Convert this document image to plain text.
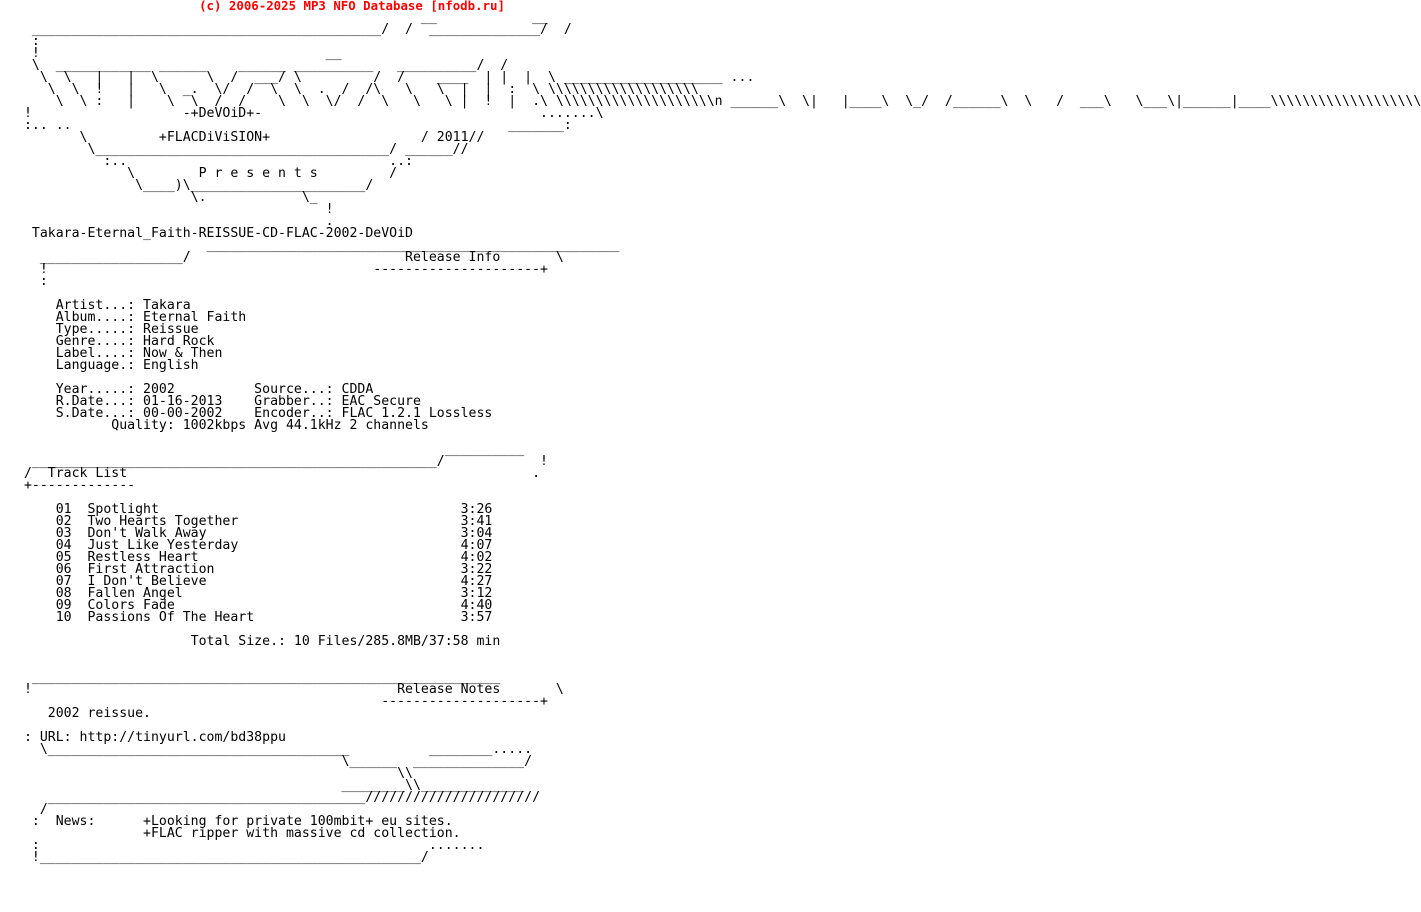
(c) 2006-2025 MP3 NFO Database [nfodb.ru]
__            __
____________________________________________/  /  ______________/  /
:
!                                    __
\  ____________ ______    ______ __________   __________/  /
\  \   |   |  \      \  /  ___/ \         /  /    ____  | |  |  \ ____________________ ...
\  \  !   |   \  _.  \/  /  \  \  .  /  /\   \   \  |  |  :  \ \\\\\\\\\\\\\\\\\\\
\  \ :   |    \  \  /  /    \  \  \/  /  \   \   \ |  !  |  .\ \\\\\\\\\\\\\\\\\\\\n ______\  \|   |____\  \_/  /______\  \   /  ___\   \___\|______|____\\\\\\\\\\\\\\\\\\\
!                   -+DeVOiD+-                                   .......\
:.. ..                                                       _______:
\         +FLACDiViSION+                   / 2011//
\_____________________________________/ ______//
:..                                 ..:
\        P r e s e n t s         /
\____)\______________________/
\.            \_
!
.
Takara-Eternal_Faith-REISSUE-CD-FLAC-2002-DeVOiD
____________________________________________________
__________________/                           Release Info       \
!                                         ---------------------+
:

Artist...: Takara
Album....: Eternal Faith
Type.....: Reissue
Genre....: Hard Rock
Label....: Now & Then
Language.: English

Year.....: 2002          Source...: CDDA
R.Date...: 01-16-2013    Grabber..: EAC Secure
S.Date...: 00-00-2002    Encoder..: FLAC 1.2.1 Lossless
Quality: 1002kbps Avg 44.1kHz 2 channels

__________
___________________________________________________/            !
/  Track List                                                   .
+-------------

01  Spotlight                                      3:26
02  Two Hearts Together                            3:41
03  Don't Walk Away                                3:04
04  Just Like Yesterday                            4:07
05  Restless Heart                                 4:02
06  First Attraction                               3:22
07  I Don't Believe                                4:27
08  Fallen Angel                                   3:12
09  Colors Fade                                    4:40
10  Passions Of The Heart                          3:57

Total Size.: 10 Files/285.8MB/37:58 min

___________________________________________________________
!                                              Release Notes       \
--------------------+
2002 reissue.

: URL: http://tinyurl.com/bd38ppu
\______________________________________          ________.....
\______  ______________/
\\
________\\_____________
________________________________________//////////////////////
/
:  News:      +Looking for private 100mbit+ eu sites.
+FLAC ripper with massive cd collection.
:                                                 .......
!________________________________________________/
